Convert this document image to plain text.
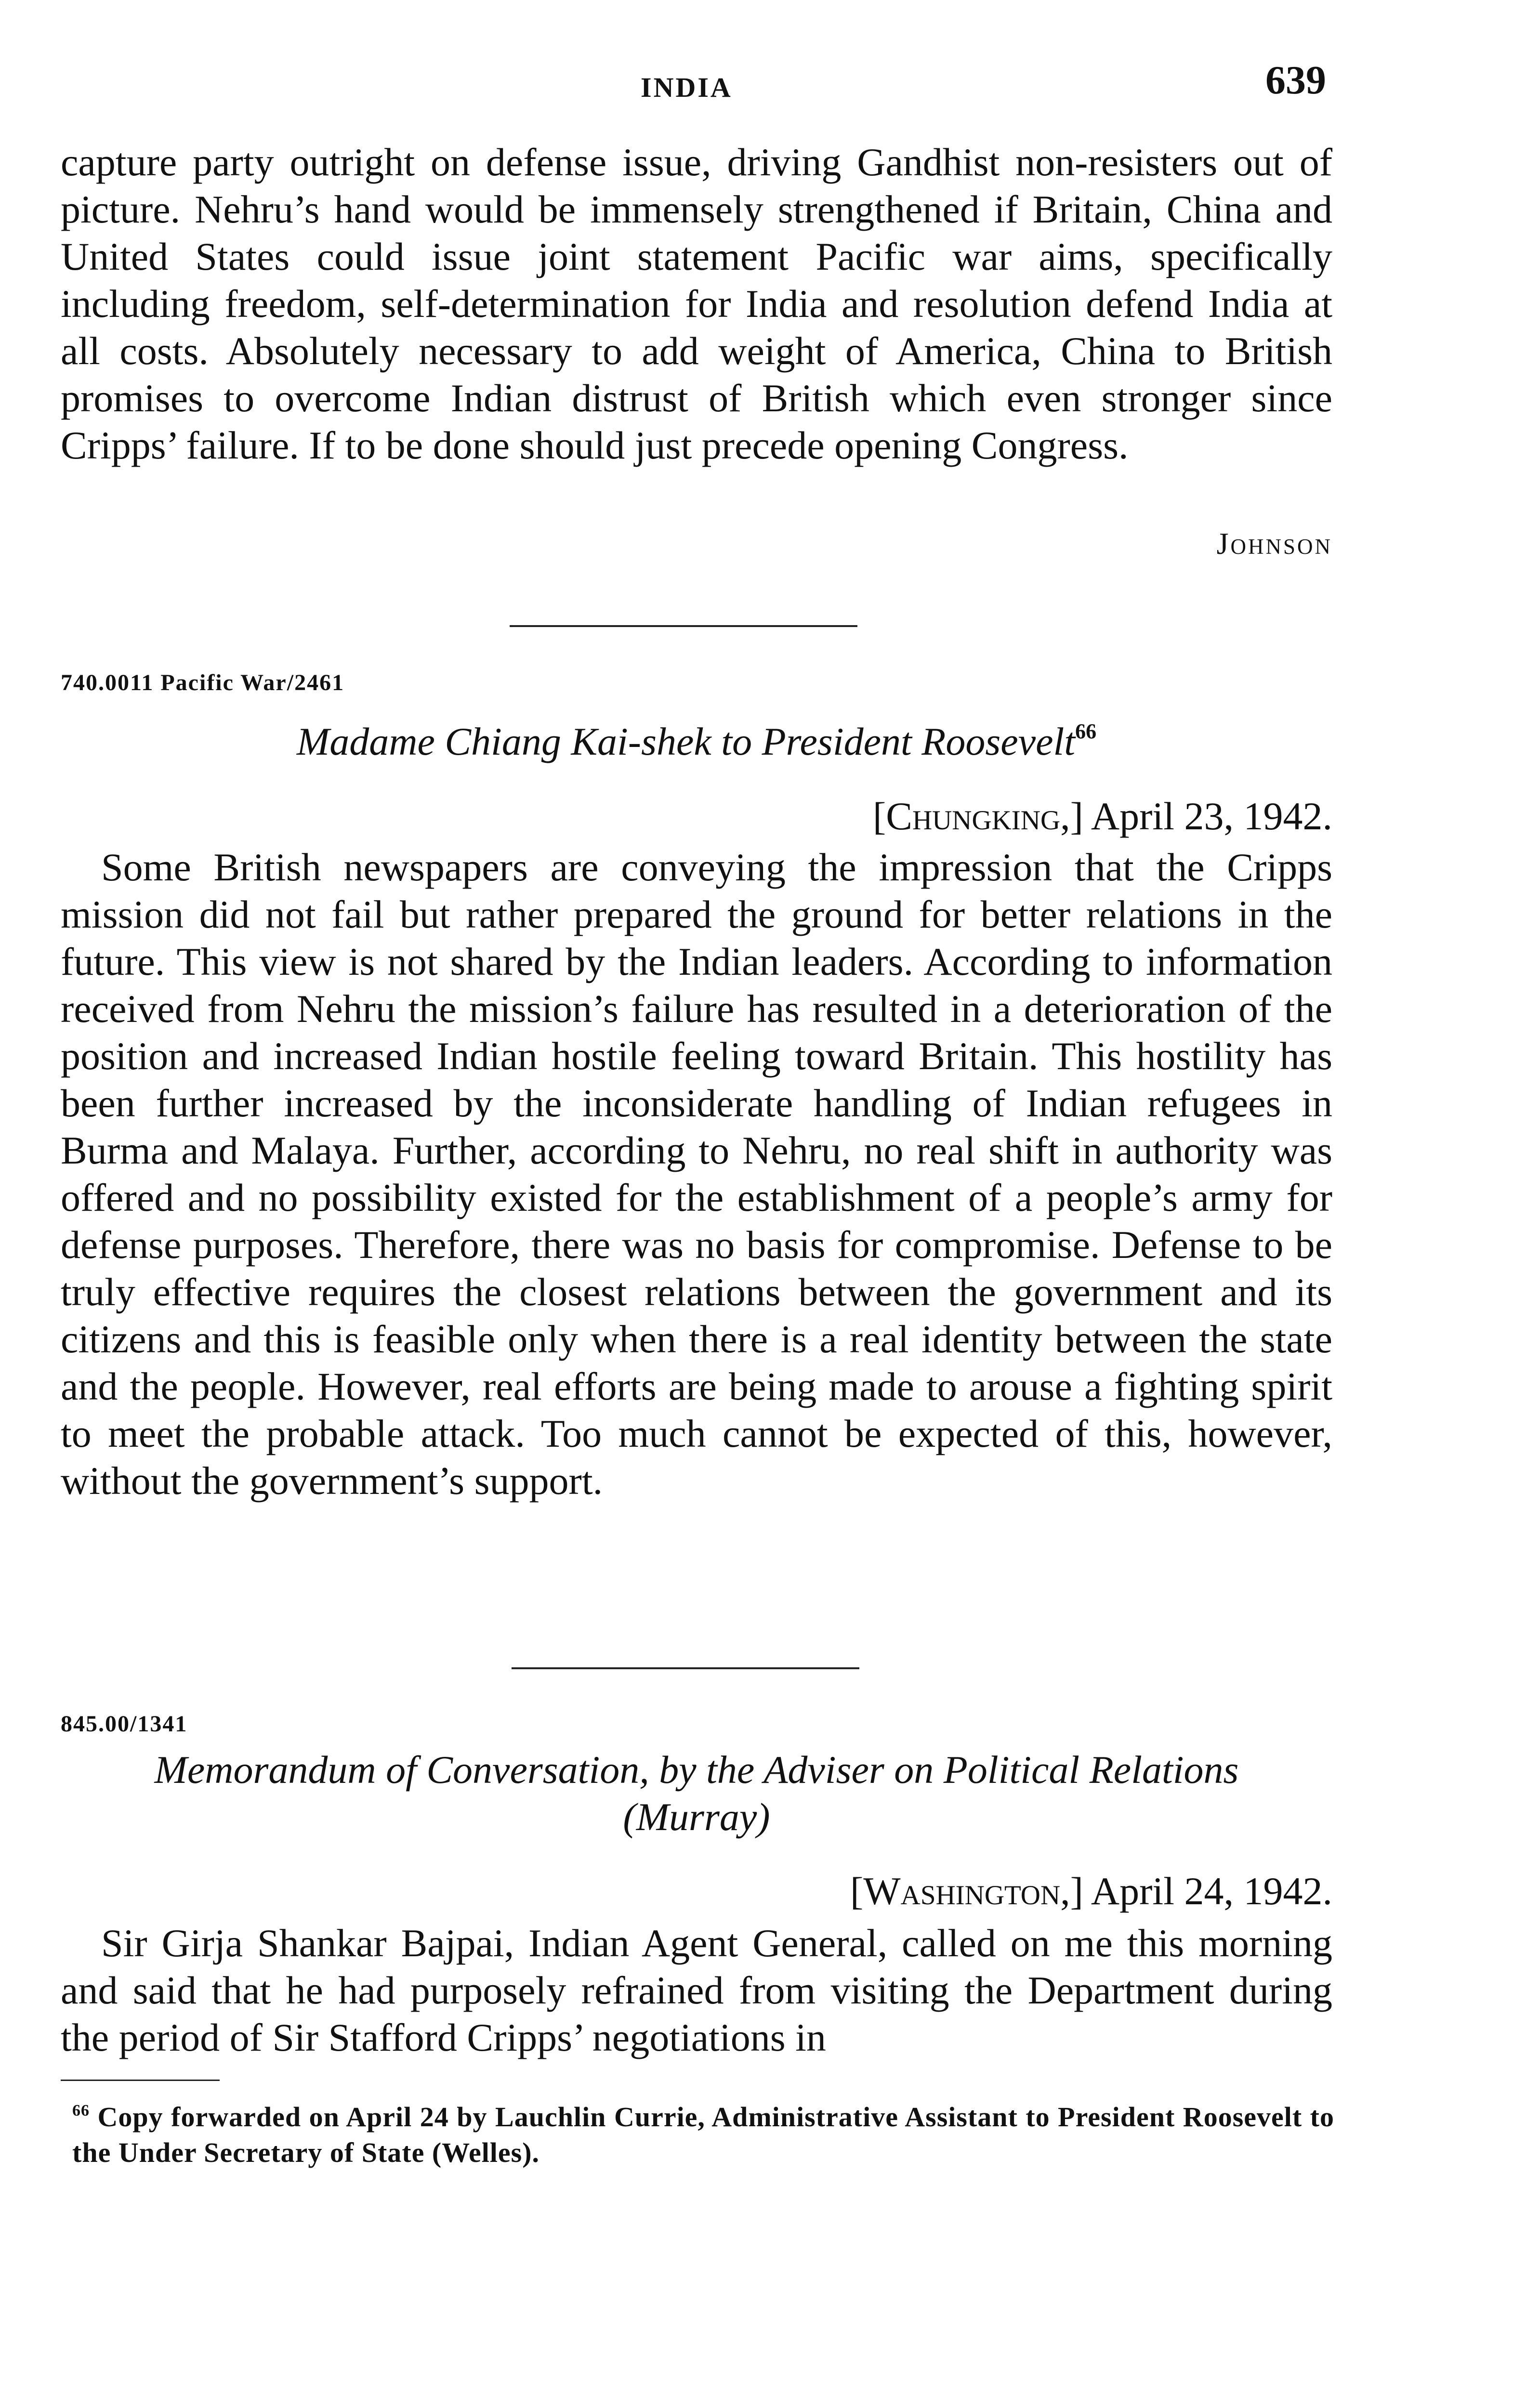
INDIA	639

capture party outright on defense issue, driving Gandhist non-resisters out of picture. Nehru’s hand would be immensely strengthened if Britain, China and United States could issue joint statement Pacific war aims, specifically including freedom, self-determination for India and resolution defend India at all costs. Absolutely necessary to add weight of America, China to British promises to overcome Indian distrust of British which even stronger since Cripps’ failure. If to be done should just precede opening Congress.

Johnson
740.0011 Pacific War/2461
Madame Chiang Kai-shek to President Roosevelt$^{66}$
[Chungking,] April 23, 1942.

Some British newspapers are conveying the impression that the Cripps mission did not fail but rather prepared the ground for better relations in the future. This view is not shared by the Indian leaders. According to information received from Nehru the mission’s failure has resulted in a deterioration of the position and increased Indian hostile feeling toward Britain. This hostility has been further increased by the inconsiderate handling of Indian refugees in Burma and Malaya. Further, according to Nehru, no real shift in authority was offered and no possibility existed for the establishment of a people’s army for defense purposes. Therefore, there was no basis for compromise. Defense to be truly effective requires the closest relations between the government and its citizens and this is feasible only when there is a real identity between the state and the people. However, real efforts are being made to arouse a fighting spirit to meet the probable attack. Too much cannot be expected of this, however, without the government’s support.

845.00/1341
Memorandum of Conversation, by the Adviser on Political Relations
(Murray)
[Washington,] April 24, 1942.

Sir Girja Shankar Bajpai, Indian Agent General, called on me this morning and said that he had purposely refrained from visiting the Department during the period of Sir Stafford Cripps’ negotiations in

$^{66}$ Copy forwarded on April 24 by Lauchlin Currie, Administrative Assistant to President Roosevelt to the Under Secretary of State (Welles).
